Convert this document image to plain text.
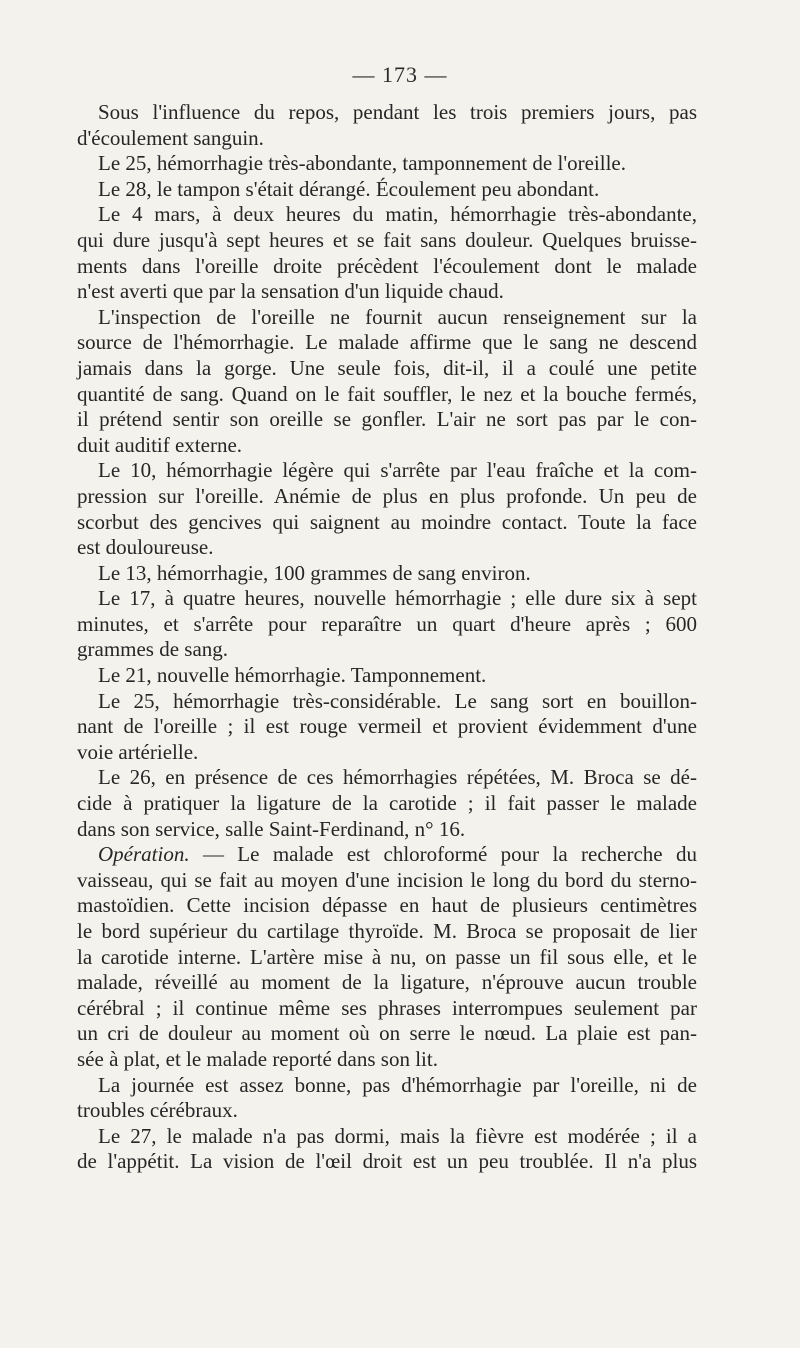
— 173 —
Sous l'influence du repos, pendant les trois premiers jours, pas
d'écoulement sanguin.
Le 25, hémorrhagie très-abondante, tamponnement de l'oreille.
Le 28, le tampon s'était dérangé. Écoulement peu abondant.
Le 4 mars, à deux heures du matin, hémorrhagie très-abondante,
qui dure jusqu'à sept heures et se fait sans douleur. Quelques bruisse-
ments dans l'oreille droite précèdent l'écoulement dont le malade
n'est averti que par la sensation d'un liquide chaud.
L'inspection de l'oreille ne fournit aucun renseignement sur la
source de l'hémorrhagie. Le malade affirme que le sang ne descend
jamais dans la gorge. Une seule fois, dit-il, il a coulé une petite
quantité de sang. Quand on le fait souffler, le nez et la bouche fermés,
il prétend sentir son oreille se gonfler. L'air ne sort pas par le con-
duit auditif externe.
Le 10, hémorrhagie légère qui s'arrête par l'eau fraîche et la com-
pression sur l'oreille. Anémie de plus en plus profonde. Un peu de
scorbut des gencives qui saignent au moindre contact. Toute la face
est douloureuse.
Le 13, hémorrhagie, 100 grammes de sang environ.
Le 17, à quatre heures, nouvelle hémorrhagie ; elle dure six à sept
minutes, et s'arrête pour reparaître un quart d'heure après ; 600
grammes de sang.
Le 21, nouvelle hémorrhagie. Tamponnement.
Le 25, hémorrhagie très-considérable. Le sang sort en bouillon-
nant de l'oreille ; il est rouge vermeil et provient évidemment d'une
voie artérielle.
Le 26, en présence de ces hémorrhagies répétées, M. Broca se dé-
cide à pratiquer la ligature de la carotide ; il fait passer le malade
dans son service, salle Saint-Ferdinand, n° 16.
Opération. — Le malade est chloroformé pour la recherche du
vaisseau, qui se fait au moyen d'une incision le long du bord du sterno-
mastoïdien. Cette incision dépasse en haut de plusieurs centimètres
le bord supérieur du cartilage thyroïde. M. Broca se proposait de lier
la carotide interne. L'artère mise à nu, on passe un fil sous elle, et le
malade, réveillé au moment de la ligature, n'éprouve aucun trouble
cérébral ; il continue même ses phrases interrompues seulement par
un cri de douleur au moment où on serre le nœud. La plaie est pan-
sée à plat, et le malade reporté dans son lit.
La journée est assez bonne, pas d'hémorrhagie par l'oreille, ni de
troubles cérébraux.
Le 27, le malade n'a pas dormi, mais la fièvre est modérée ; il a
de l'appétit. La vision de l'œil droit est un peu troublée. Il n'a plus
